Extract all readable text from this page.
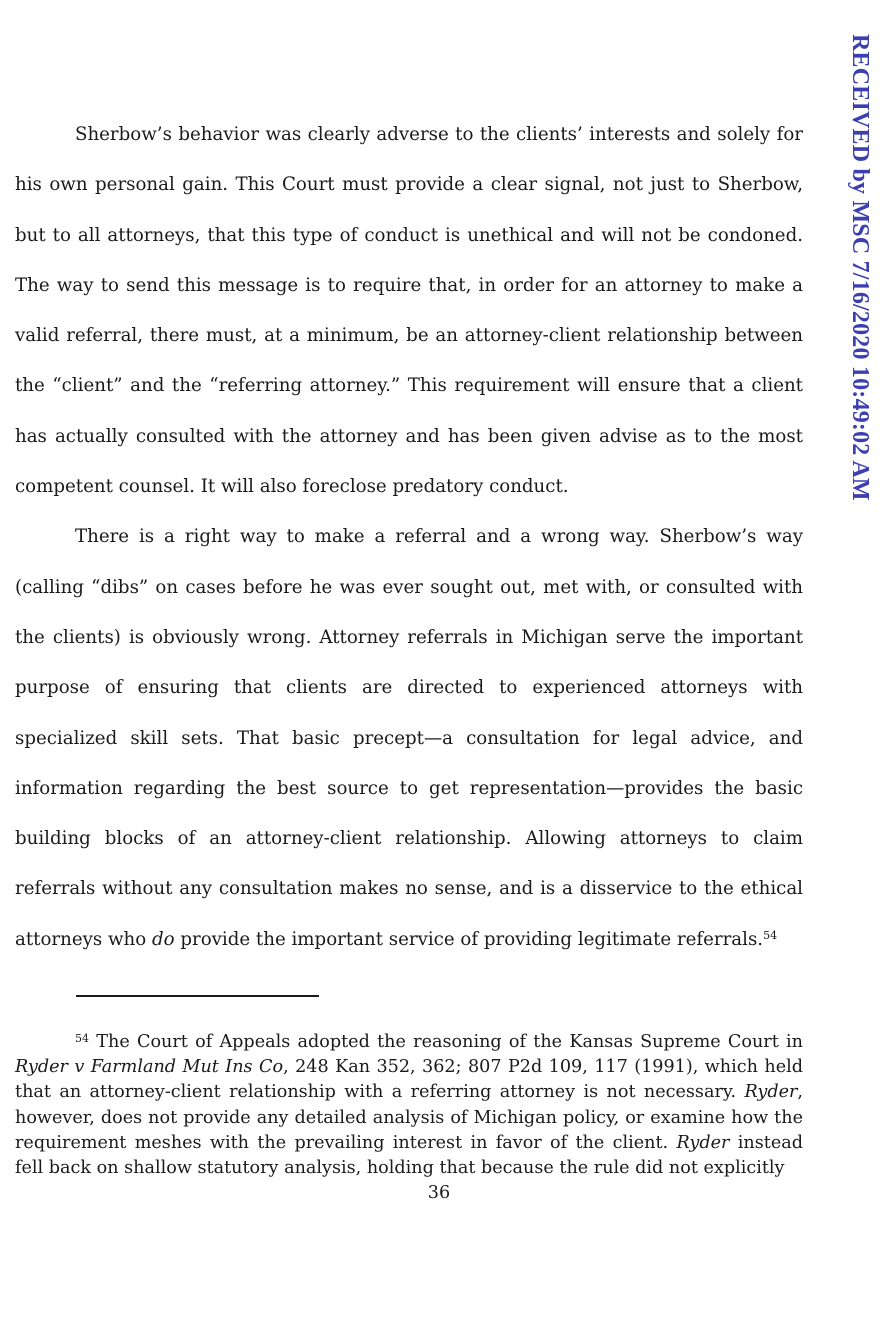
RECEIVED by MSC 7/16/2020 10:49:02 AM

Sherbow’s behavior was clearly adverse to the clients’ interests and solely for his own personal gain. This Court must provide a clear signal, not just to Sherbow, but to all attorneys, that this type of conduct is unethical and will not be condoned. The way to send this message is to require that, in order for an attorney to make a valid referral, there must, at a minimum, be an attorney-client relationship between the “client” and the “referring attorney.” This requirement will ensure that a client has actually consulted with the attorney and has been given advise as to the most competent counsel. It will also foreclose predatory conduct.

There is a right way to make a referral and a wrong way. Sherbow’s way (calling “dibs” on cases before he was ever sought out, met with, or consulted with the clients) is obviously wrong. Attorney referrals in Michigan serve the important purpose of ensuring that clients are directed to experienced attorneys with specialized skill sets. That basic precept—a consultation for legal advice, and information regarding the best source to get representation—provides the basic building blocks of an attorney-client relationship. Allowing attorneys to claim referrals without any consultation makes no sense, and is a disservice to the ethical attorneys who do provide the important service of providing legitimate referrals.$^{54}$

$^{54}$ The Court of Appeals adopted the reasoning of the Kansas Supreme Court in Ryder v Farmland Mut Ins Co, 248 Kan 352, 362; 807 P2d 109, 117 (1991), which held that an attorney-client relationship with a referring attorney is not necessary. Ryder, however, does not provide any detailed analysis of Michigan policy, or examine how the requirement meshes with the prevailing interest in favor of the client. Ryder instead fell back on shallow statutory analysis, holding that because the rule did not explicitly

36
